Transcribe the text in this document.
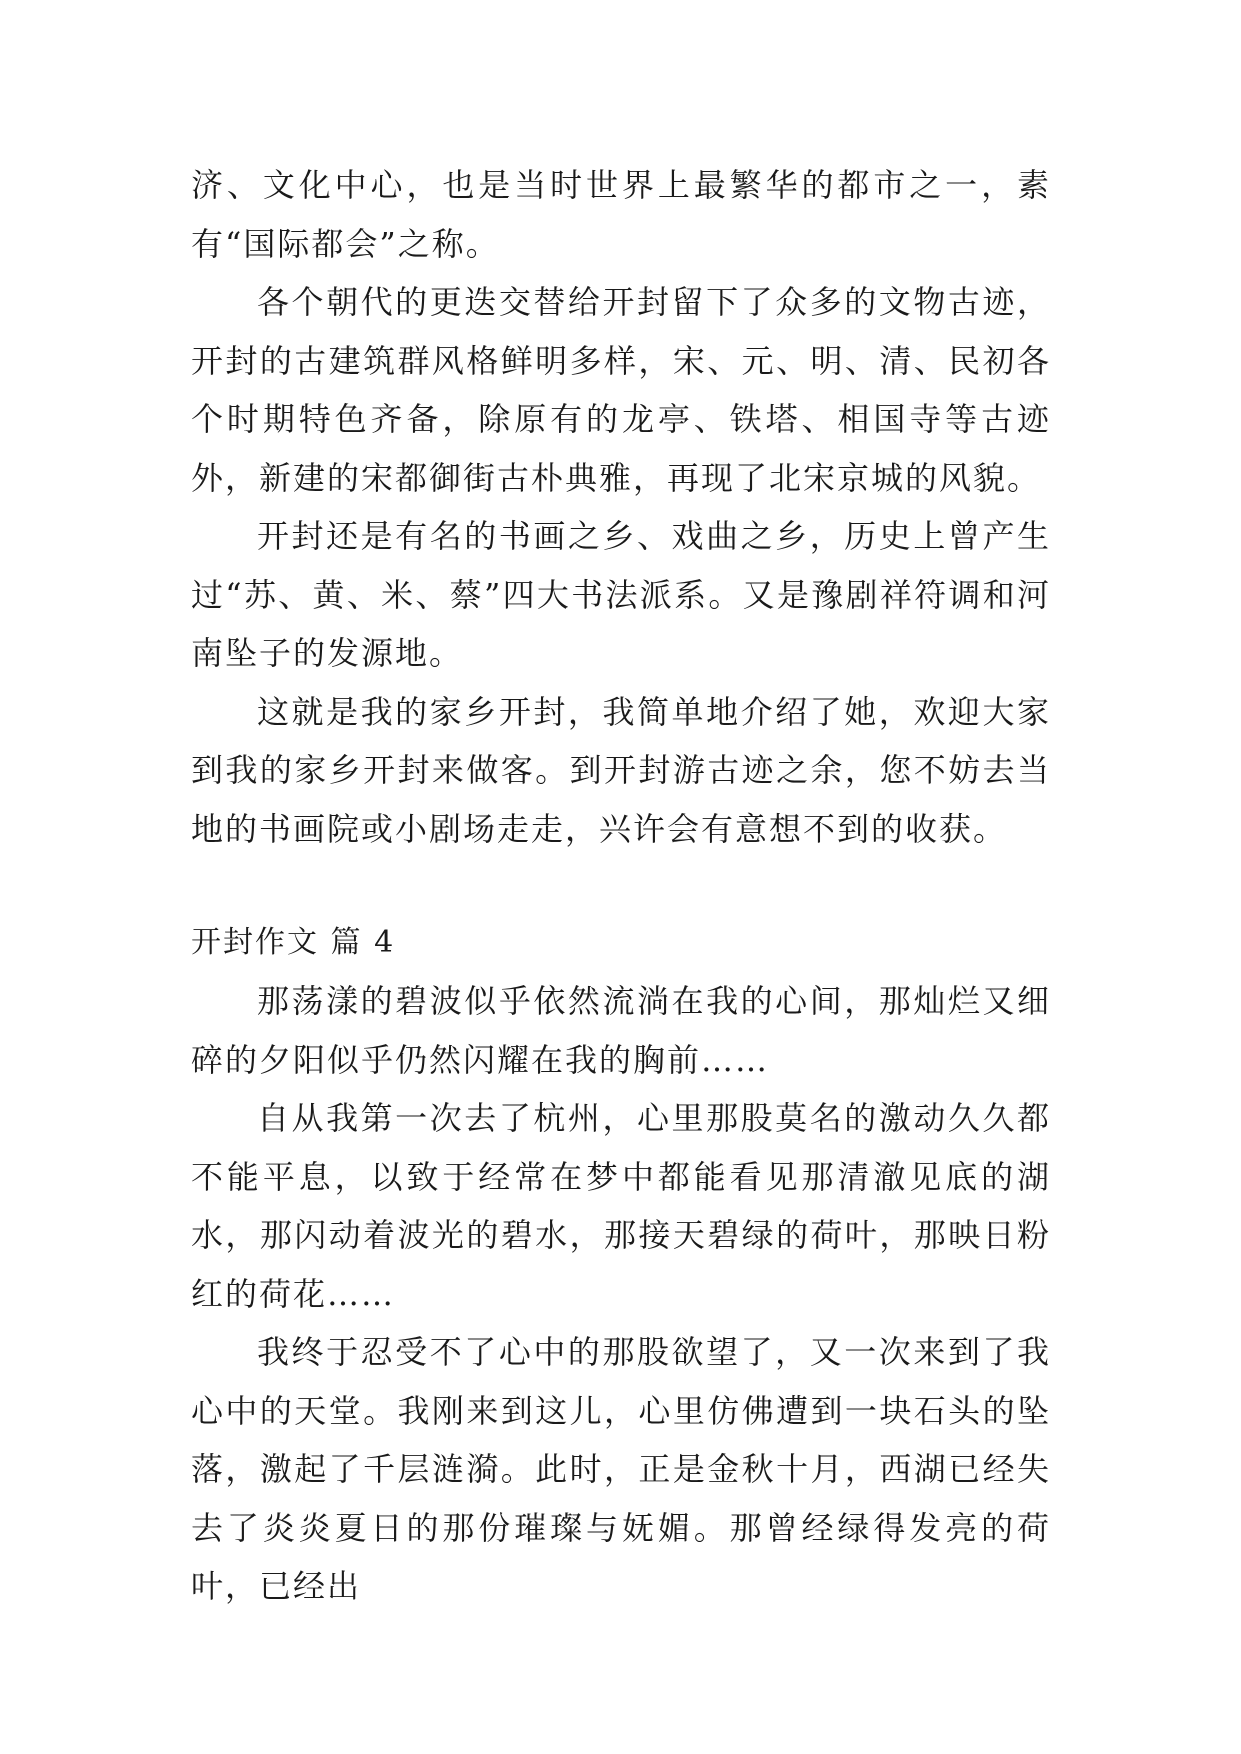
济、文化中心，也是当时世界上最繁华的都市之一，素有“国际都会”之称。

各个朝代的更迭交替给开封留下了众多的文物古迹，开封的古建筑群风格鲜明多样，宋、元、明、清、民初各个时期特色齐备，除原有的龙亭、铁塔、相国寺等古迹外，新建的宋都御街古朴典雅，再现了北宋京城的风貌。

开封还是有名的书画之乡、戏曲之乡，历史上曾产生过“苏、黄、米、蔡”四大书法派系。又是豫剧祥符调和河南坠子的发源地。

这就是我的家乡开封，我简单地介绍了她，欢迎大家到我的家乡开封来做客。到开封游古迹之余，您不妨去当地的书画院或小剧场走走，兴许会有意想不到的收获。

开封作文 篇 4

那荡漾的碧波似乎依然流淌在我的心间，那灿烂又细碎的夕阳似乎仍然闪耀在我的胸前……

自从我第一次去了杭州，心里那股莫名的激动久久都不能平息，以致于经常在梦中都能看见那清澈见底的湖水，那闪动着波光的碧水，那接天碧绿的荷叶，那映日粉红的荷花……

我终于忍受不了心中的那股欲望了，又一次来到了我心中的天堂。我刚来到这儿，心里仿佛遭到一块石头的坠落，激起了千层涟漪。此时，正是金秋十月，西湖已经失去了炎炎夏日的那份璀璨与妩媚。那曾经绿得发亮的荷叶，已经出
